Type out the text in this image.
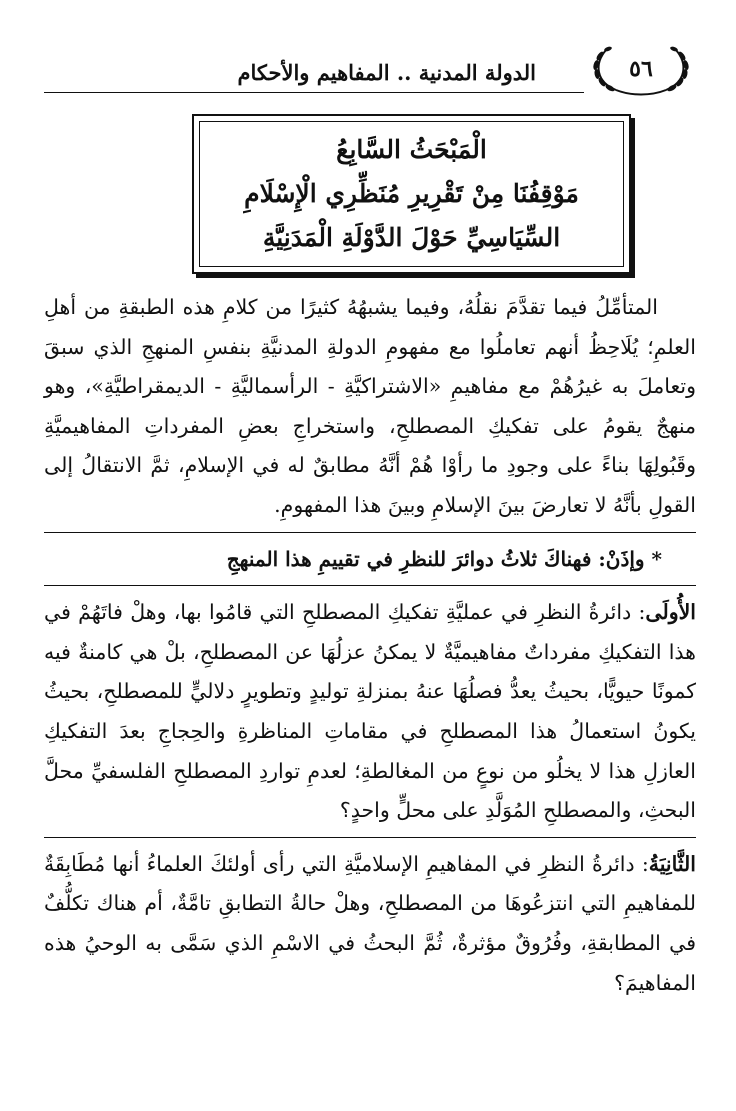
٥٦
الدولة المدنية .. المفاهيم والأحكام
الْمَبْحَثُ السَّابِعُ
مَوْقِفُنَا مِنْ تَقْرِيرِ مُنَظِّرِي الْإِسْلَامِ
السِّيَاسِيِّ حَوْلَ الدَّوْلَةِ الْمَدَنِيَّةِ

المتأمِّلُ فيما تقدَّمَ نقلُهُ، وفيما يشبهُهُ كثيرًا من كلامِ هذه الطبقةِ من أهلِ العلمِ؛ يُلَاحِظُ أنهم تعاملُوا مع مفهومِ الدولةِ المدنيَّةِ بنفسِ المنهجِ الذي سبقَ وتعاملَ به غيرُهُمْ مع مفاهيمِ «الاشتراكيَّةِ - الرأسماليَّةِ - الديمقراطيَّةِ»، وهو منهجٌ يقومُ على تفكيكِ المصطلحِ، واستخراجِ بعضِ المفرداتِ المفاهيميَّةِ وقَبُولِهَا بناءً على وجودِ ما رأوْا هُمْ أنَّهُ مطابقٌ له في الإسلامِ، ثمَّ الانتقالُ إلى القولِ بأنَّهُ لا تعارضَ بينَ الإسلامِ وبينَ هذا المفهومِ.

* وإذَنْ: فهناكَ ثلاثُ دوائرَ للنظرِ في تقييمِ هذا المنهجِ

الأُولَى: دائرةُ النظرِ في عمليَّةِ تفكيكِ المصطلحِ التي قامُوا بها، وهلْ فاتَهُمْ في هذا التفكيكِ مفرداتٌ مفاهيميَّةٌ لا يمكنُ عزلُهَا عن المصطلحِ، بلْ هي كامنةٌ فيه كمونًا حيويًّا، بحيثُ يعدُّ فصلُهَا عنهُ بمنزلةِ توليدٍ وتطويرٍ دلاليٍّ للمصطلحِ، بحيثُ يكونُ استعمالُ هذا المصطلحِ في مقاماتِ المناظرةِ والحِجاجِ بعدَ التفكيكِ العازلِ هذا لا يخلُو من نوعٍ من المغالطةِ؛ لعدمِ تواردِ المصطلحِ الفلسفيِّ محلَّ البحثِ، والمصطلحِ المُوَلَّدِ على محلٍّ واحدٍ؟

الثَّانِيَةُ: دائرةُ النظرِ في المفاهيمِ الإسلاميَّةِ التي رأى أولئكَ العلماءُ أنها مُطَابِقَةٌ للمفاهيمِ التي انتزعُوهَا من المصطلحِ، وهلْ حالةُ التطابقِ تامَّةٌ، أم هناك تكلُّفٌ في المطابقةِ، وفُرُوقٌ مؤثرةٌ، ثُمَّ البحثُ في الاسْمِ الذي سَمَّى به الوحيُ هذه المفاهيمَ؟
